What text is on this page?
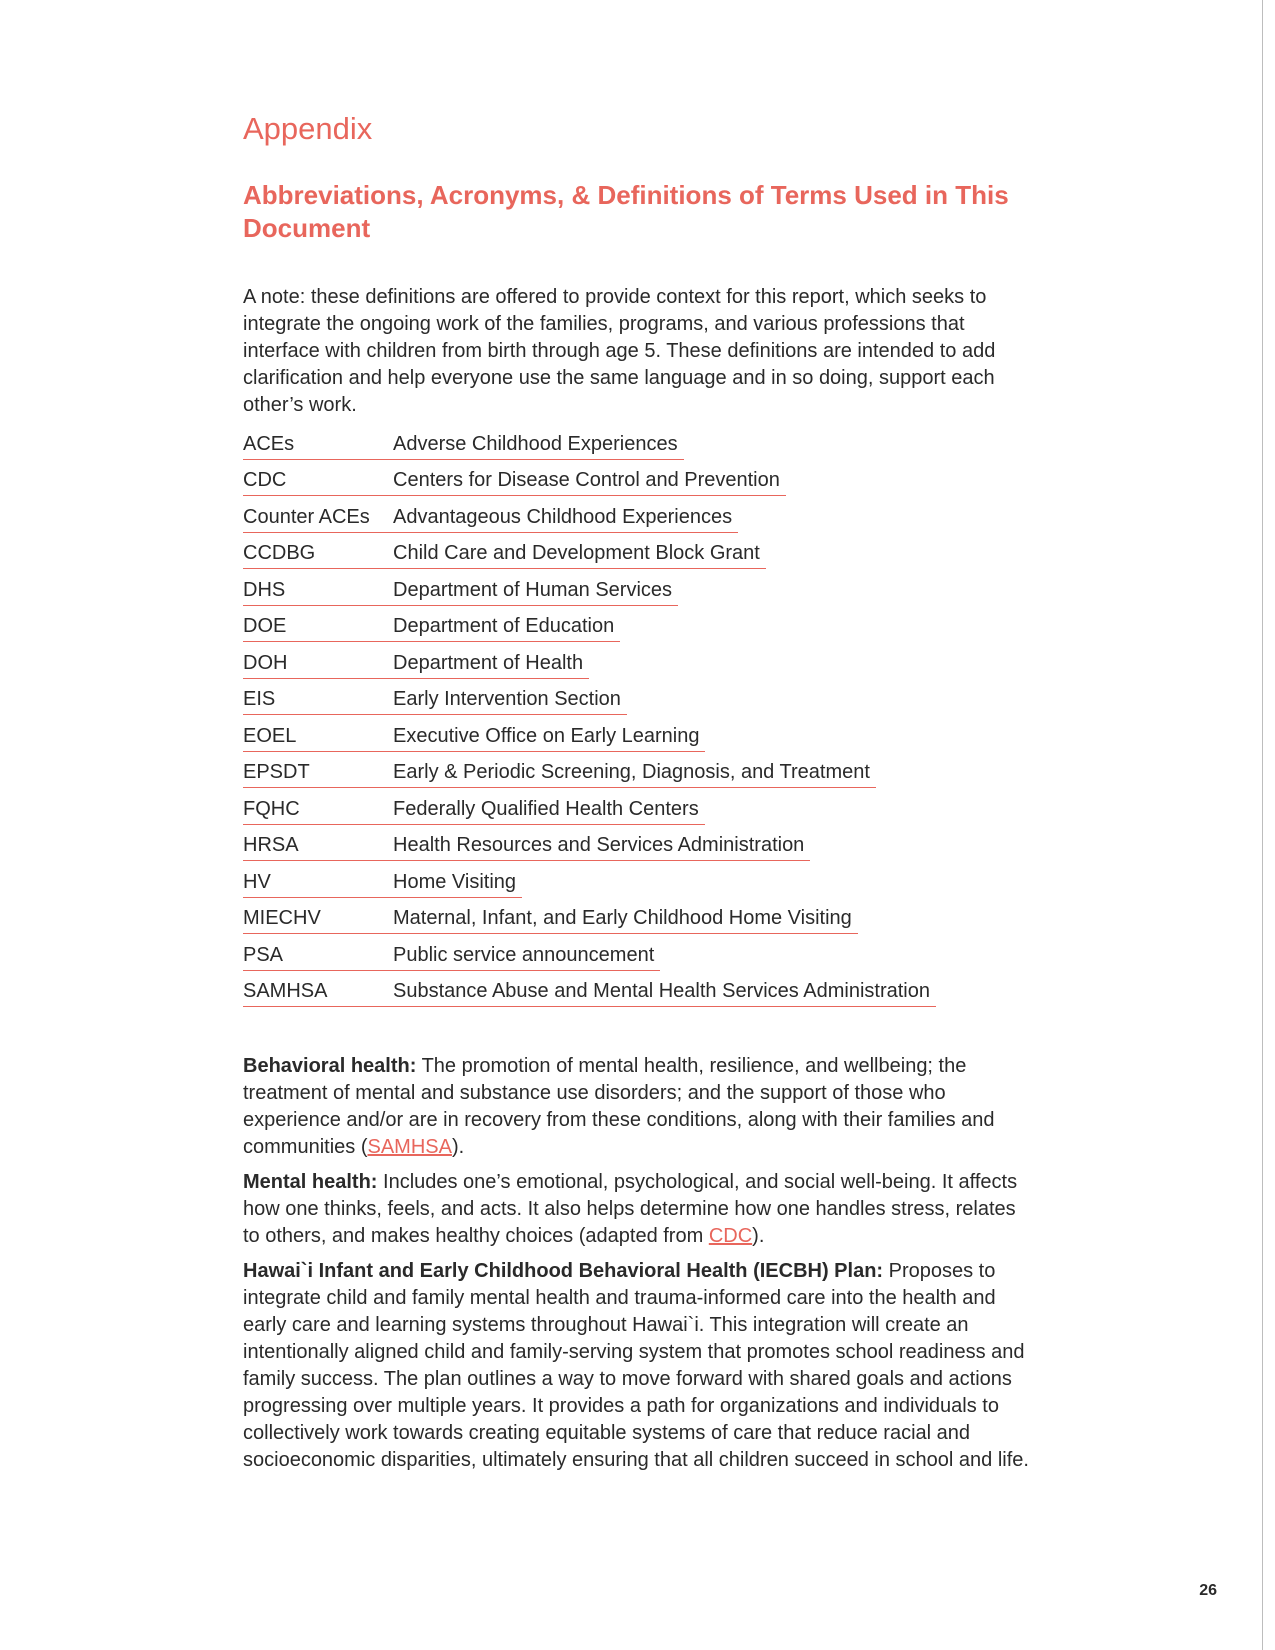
Appendix
Abbreviations, Acronyms, & Definitions of Terms Used in This Document

A note: these definitions are offered to provide context for this report, which seeks to integrate the ongoing work of the families, programs, and various professions that interface with children from birth through age 5. These definitions are intended to add clarification and help everyone use the same language and in so doing, support each other’s work.

ACEs	Adverse Childhood Experiences
CDC	Centers for Disease Control and Prevention
Counter ACEs	Advantageous Childhood Experiences
CCDBG	Child Care and Development Block Grant
DHS	Department of Human Services
DOE	Department of Education
DOH	Department of Health
EIS	Early Intervention Section
EOEL	Executive Office on Early Learning
EPSDT	Early & Periodic Screening, Diagnosis, and Treatment
FQHC	Federally Qualified Health Centers
HRSA	Health Resources and Services Administration
HV	Home Visiting
MIECHV	Maternal, Infant, and Early Childhood Home Visiting
PSA	Public service announcement
SAMHSA	Substance Abuse and Mental Health Services Administration

Behavioral health: The promotion of mental health, resilience, and wellbeing; the treatment of mental and substance use disorders; and the support of those who experience and/or are in recovery from these conditions, along with their families and communities (SAMHSA).

Mental health: Includes one’s emotional, psychological, and social well-being. It affects how one thinks, feels, and acts. It also helps determine how one handles stress, relates to others, and makes healthy choices (adapted from CDC).

Hawai`i Infant and Early Childhood Behavioral Health (IECBH) Plan: Proposes to integrate child and family mental health and trauma-informed care into the health and early care and learning systems throughout Hawai`i. This integration will create an intentionally aligned child and family-serving system that promotes school readiness and family success. The plan outlines a way to move forward with shared goals and actions progressing over multiple years. It provides a path for organizations and individuals to collectively work towards creating equitable systems of care that reduce racial and socioeconomic disparities, ultimately ensuring that all children succeed in school and life.

26
